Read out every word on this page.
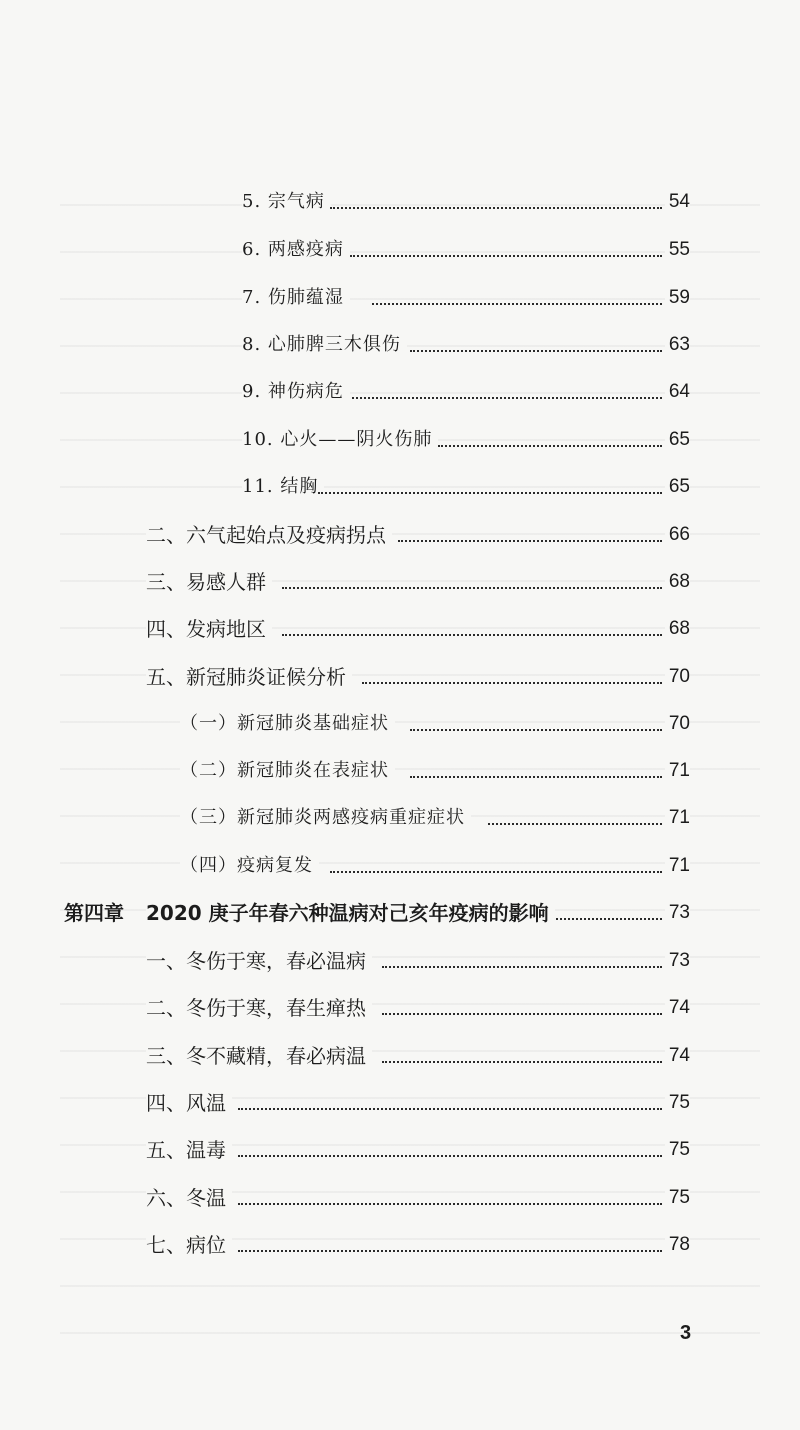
5. 宗气病	54
6. 两感疫病	55
7. 伤肺蕴湿	59
8. 心肺脾三木俱伤	63
9. 神伤病危	64
10. 心火——阴火伤肺	65
11. 结胸	65
二、六气起始点及疫病拐点	66
三、易感人群	68
四、发病地区	68
五、新冠肺炎证候分析	70
（一）新冠肺炎基础症状	70
（二）新冠肺炎在表症状	71
（三）新冠肺炎两感疫病重症症状	71
（四）疫病复发	71
第四章 2020 庚子年春六种温病对己亥年疫病的影响	73
一、冬伤于寒，春必温病	73
二、冬伤于寒，春生瘅热	74
三、冬不藏精，春必病温	74
四、风温	75
五、温毒	75
六、冬温	75
七、病位	78
3
